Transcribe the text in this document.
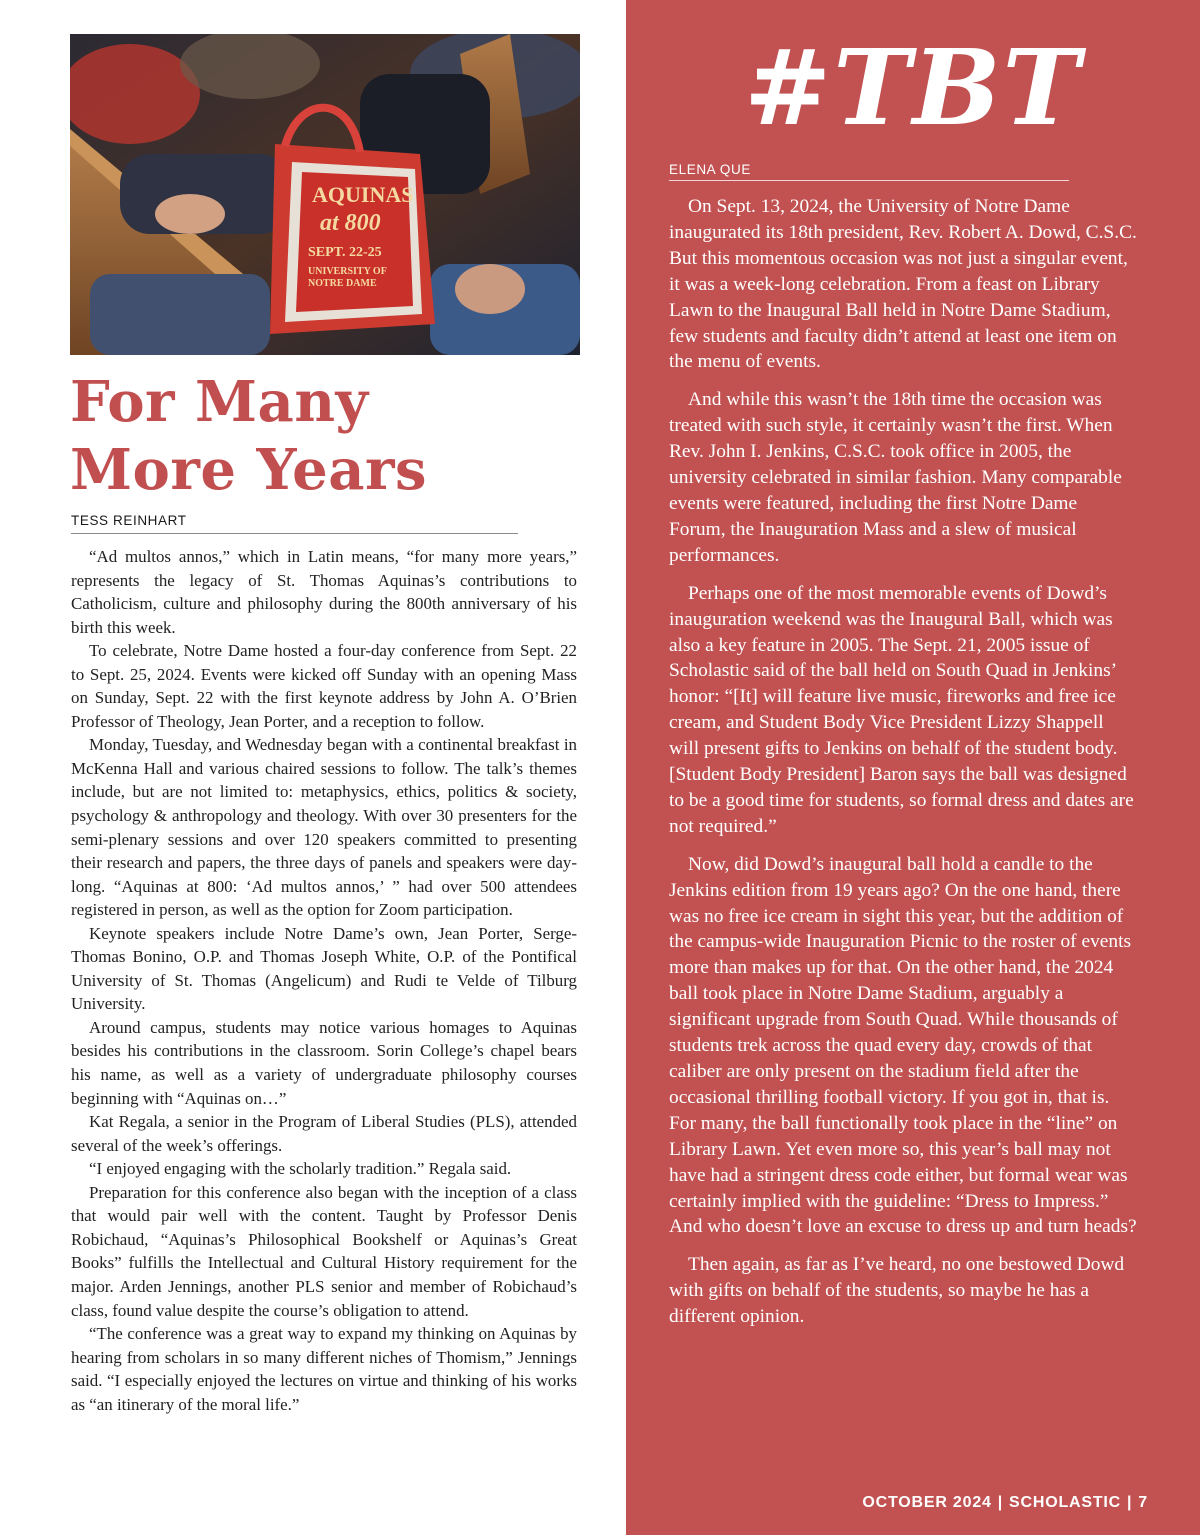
AQUINAS
at 800
SEPT. 22-25
UNIVERSITY OF
NOTRE DAME
For Many
More Years
TESS REINHART

“Ad multos annos,” which in Latin means, “for many more years,” represents the legacy of St. Thomas Aquinas’s contributions to Catholicism, culture and philosophy during the 800th anniversary of his birth this week.

To celebrate, Notre Dame hosted a four-day conference from Sept. 22 to Sept. 25, 2024. Events were kicked off Sunday with an opening Mass on Sunday, Sept. 22 with the first keynote address by John A. O’Brien Professor of Theology, Jean Porter, and a reception to follow.

Monday, Tuesday, and Wednesday began with a continental breakfast in McKenna Hall and various chaired sessions to follow. The talk’s themes include, but are not limited to: metaphysics, ethics, politics & society, psychology & anthropology and theology. With over 30 presenters for the semi-plenary sessions and over 120 speakers committed to presenting their research and papers, the three days of panels and speakers were day-long. “Aquinas at 800: ‘Ad multos annos,’ ” had over 500 attendees registered in person, as well as the option for Zoom participation.

Keynote speakers include Notre Dame’s own, Jean Porter, Serge-Thomas Bonino, O.P. and Thomas Joseph White, O.P. of the Pontifical University of St. Thomas (Angelicum) and Rudi te Velde of Tilburg University.

Around campus, students may notice various homages to Aquinas besides his contributions in the classroom. Sorin College’s chapel bears his name, as well as a variety of undergraduate philosophy courses beginning with “Aquinas on…”

Kat Regala, a senior in the Program of Liberal Studies (PLS), attended several of the week’s offerings.

“I enjoyed engaging with the scholarly tradition.” Regala said.

Preparation for this conference also began with the inception of a class that would pair well with the content. Taught by Professor Denis Robichaud, “Aquinas’s Philosophical Bookshelf or Aquinas’s Great Books” fulfills the Intellectual and Cultural History requirement for the major. Arden Jennings, another PLS senior and member of Robichaud’s class, found value despite the course’s obligation to attend.

“The conference was a great way to expand my thinking on Aquinas by hearing from scholars in so many different niches of Thomism,” Jennings said. “I especially enjoyed the lectures on virtue and thinking of his works as “an itinerary of the moral life.”

#TBT
ELENA QUE

On Sept. 13, 2024, the University of Notre Dame inaugurated its 18th president, Rev. Robert A. Dowd, C.S.C. But this momentous occasion was not just a singular event, it was a week-long celebration. From a feast on Library Lawn to the Inaugural Ball held in Notre Dame Stadium, few students and faculty didn’t attend at least one item on the menu of events.

And while this wasn’t the 18th time the occasion was treated with such style, it certainly wasn’t the first. When Rev. John I. Jenkins, C.S.C. took office in 2005, the university celebrated in similar fashion. Many comparable events were featured, including the first Notre Dame Forum, the Inauguration Mass and a slew of musical performances.

Perhaps one of the most memorable events of Dowd’s inauguration weekend was the Inaugural Ball, which was also a key feature in 2005. The Sept. 21, 2005 issue of Scholastic said of the ball held on South Quad in Jenkins’ honor: “[It] will feature live music, fireworks and free ice cream, and Student Body Vice President Lizzy Shappell will present gifts to Jenkins on behalf of the student body. [Student Body President] Baron says the ball was designed to be a good time for students, so formal dress and dates are not required.”

Now, did Dowd’s inaugural ball hold a candle to the Jenkins edition from 19 years ago? On the one hand, there was no free ice cream in sight this year, but the addition of the campus-wide Inauguration Picnic to the roster of events more than makes up for that. On the other hand, the 2024 ball took place in Notre Dame Stadium, arguably a significant upgrade from South Quad. While thousands of students trek across the quad every day, crowds of that caliber are only present on the stadium field after the occasional thrilling football victory. If you got in, that is. For many, the ball functionally took place in the “line” on Library Lawn. Yet even more so, this year’s ball may not have had a stringent dress code either, but formal wear was certainly implied with the guideline: “Dress to Impress.” And who doesn’t love an excuse to dress up and turn heads?

Then again, as far as I’ve heard, no one bestowed Dowd with gifts on behalf of the students, so maybe he has a different opinion.

OCTOBER 2024 | SCHOLASTIC | 7
